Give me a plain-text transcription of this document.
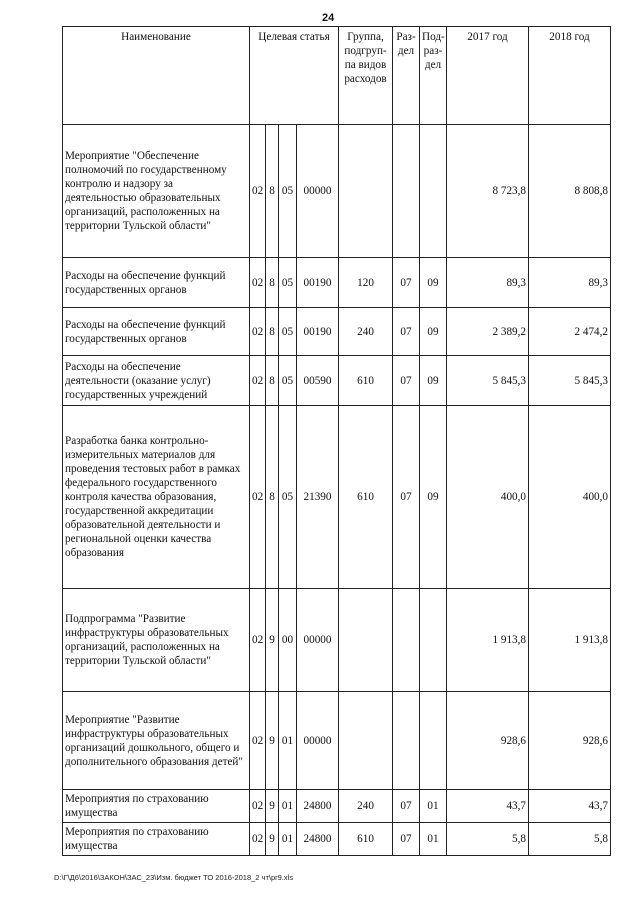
24
Наименование	Целевая статья				Группа, подгруп-па видов расходов	Раз-дел	Под-раз-дел	2017 год	2018 год
Мероприятие "Обеспечение полномочий по государственному контролю и надзору за деятельностью образовательных организаций, расположенных на территории Тульской области"	02	8	05	00000				8 723,8	8 808,8
Расходы на обеспечение функций государственных органов	02	8	05	00190	120	07	09	89,3	89,3
Расходы на обеспечение функций государственных органов	02	8	05	00190	240	07	09	2 389,2	2 474,2
Расходы на обеспечение деятельности (оказание услуг) государственных учреждений	02	8	05	00590	610	07	09	5 845,3	5 845,3
Разработка банка контрольно-измерительных материалов для проведения тестовых работ в рамках федерального государственного контроля качества образования, государственной аккредитации образовательной деятельности и региональной оценки качества образования	02	8	05	21390	610	07	09	400,0	400,0
Подпрограмма "Развитие инфраструктуры образовательных организаций, расположенных на территории Тульской области"	02	9	00	00000				1 913,8	1 913,8
Мероприятие "Развитие инфраструктуры образовательных организаций дошкольного, общего и дополнительного образования детей"	02	9	01	00000				928,6	928,6
Мероприятия по страхованию имущества	02	9	01	24800	240	07	01	43,7	43,7
Мероприятия по страхованию имущества	02	9	01	24800	610	07	01	5,8	5,8
D:\Г\Д6\2016\ЗАКОН\ЗАС_23\Изм. бюджет ТО 2016-2018_2 чт\pr9.xls
